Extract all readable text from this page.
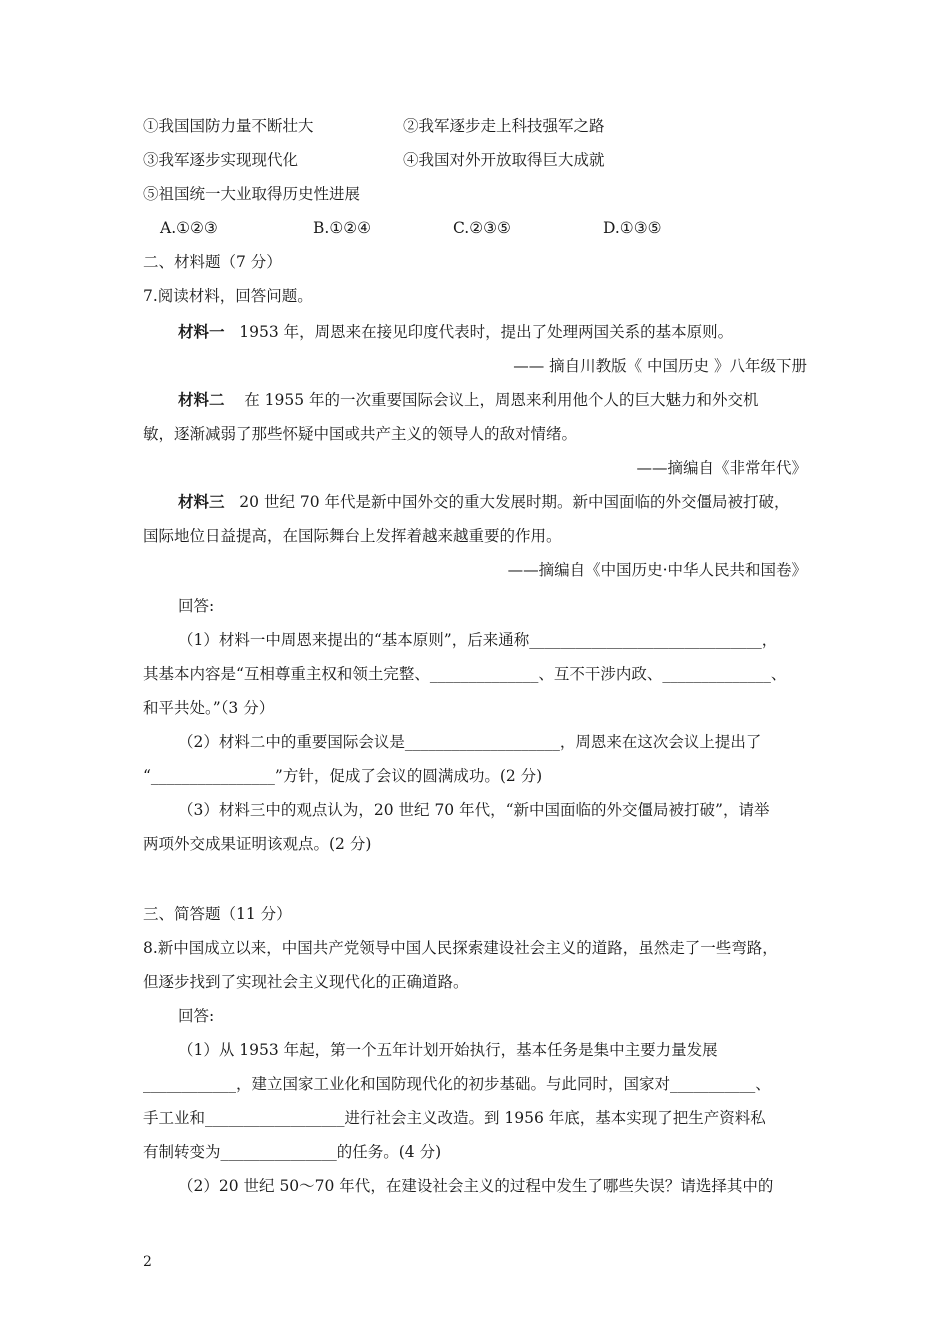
①我国国防力量不断壮大	②我军逐步走上科技强军之路
③我军逐步实现现代化	④我国对外开放取得巨大成就
⑤祖国统一大业取得历史性进展
A.①②③	B.①②④	C.②③⑤	D.①③⑤
二、材料题（7 分）
7.阅读材料，回答问题。
材料一 1953 年，周恩来在接见印度代表时，提出了处理两国关系的基本原则。
—— 摘自川教版《 中国历史 》八年级下册
材料二 在 1955 年的一次重要国际会议上，周恩来利用他个人的巨大魅力和外交机
敏，逐渐减弱了那些怀疑中国或共产主义的领导人的敌对情绪。
——摘编自《非常年代》
材料三 20 世纪 70 年代是新中国外交的重大发展时期。新中国面临的外交僵局被打破，
国际地位日益提高，在国际舞台上发挥着越来越重要的作用。
——摘编自《中国历史·中华人民共和国卷》
回答:
（1）材料一中周恩来提出的“基本原则”，后来通称______________________________，
其基本内容是“互相尊重主权和领土完整、______________、互不干涉内政、______________、
和平共处。”（3 分）
（2）材料二中的重要国际会议是____________________，周恩来在这次会议上提出了
“________________”方针，促成了会议的圆满成功。(2 分)
（3）材料三中的观点认为，20 世纪 70 年代，“新中国面临的外交僵局被打破”，请举
两项外交成果证明该观点。(2 分)
三、简答题（11 分）
8.新中国成立以来，中国共产党领导中国人民探索建设社会主义的道路，虽然走了一些弯路，
但逐步找到了实现社会主义现代化的正确道路。
回答:
（1）从 1953 年起，第一个五年计划开始执行，基本任务是集中主要力量发展
____________，建立国家工业化和国防现代化的初步基础。与此同时，国家对___________、
手工业和__________________进行社会主义改造。到 1956 年底，基本实现了把生产资料私
有制转变为_______________的任务。(4 分)
（2）20 世纪 50～70 年代，在建设社会主义的过程中发生了哪些失误？请选择其中的
2
